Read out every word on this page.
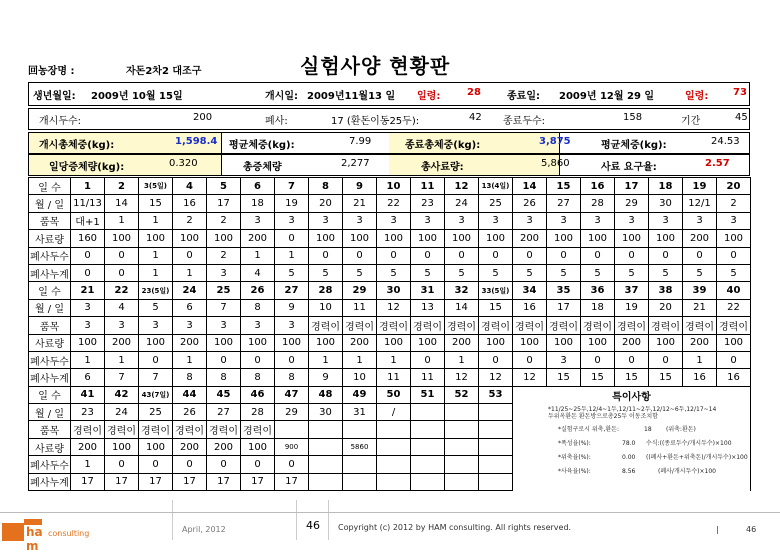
回농장명 :	자돈2차2 대조구	실험사양 현황판
생년월일: 2009년 10월 15일	개시일: 2009년11월13 일 일령:	28	종료일: 2009년 12월 29 일	일령: 73
개시두수:	200	폐사:	17 (환돈이동25두):	42 종료두수:	158	기간	45
개시총체중(kg):	1,598.4 평균체중(kg):	7.99	종료총체중(kg):	3,875	평균체중(kg):	24.53
일당증체량(kg):	0.320	총증체량	2,277	총사료량:	5,860	사료 요구율:	2.57
일 수	1	2	3(5일)	4	5	6	7	8	9	10	11	12	13(4일)	14	15	16	17	18	19	20
월 / 일	11/13	14	15	16	17	18	19	20	21	22	23	24	25	26	27	28	29	30	12/1	2
품목	대+1	1	1	2	2	3	3	3	3	3	3	3	3	3	3	3	3	3	3	3
사료량	160	100	100	100	100	200	0	100	100	100	100	100	100	200	100	100	100	100	200	100
폐사두수	0	0	1	0	2	1	1	0	0	0	0	0	0	0	0	0	0	0	0	0
폐사누계	0	0	1	1	3	4	5	5	5	5	5	5	5	5	5	5	5	5	5	5
일 수	21	22	23(5일)	24	25	26	27	28	29	30	31	32	33(5일)	34	35	36	37	38	39	40
월 / 일	3	4	5	6	7	8	9	10	11	12	13	14	15	16	17	18	19	20	21	22
품목	3	3	3	3	3	3	3	경력이	경력이	경력이	경력이	경력이	경력이	경력이	경력이	경력이	경력이	경력이	경력이	경력이
사료량	100	200	100	200	100	100	100	100	200	100	100	200	100	100	100	100	200	100	200	100
폐사두수	1	1	0	1	0	0	0	1	1	1	0	1	0	0	3	0	0	0	1	0
폐사누계	6	7	7	8	8	8	8	9	10	11	11	12	12	12	15	15	15	15	16	16
일 수	41	42	43(7일)	44	45	46	47	48	49	50	51	52	53	특이사항						
월 / 일	23	24	25	26	27	28	29	30	31	/										
품목	경력이	경력이	경력이	경력이	경력이	경력이														
사료량	200	100	100	200	200	100	900		5860											
폐사두수	1	0	0	0	0	0	0													
폐사누계	17	17	17	17	17	17	17													
*11/25~25두,12/4~1두,12/11~2두,12/12~6두,12/17~14
두위옥환돈 환돈방으로총25두 이동조치함
*실험구로시 위축,환돈:	18 (위축:환돈)
*폭성율(%):	78.0 수식:((종료두수/개시두수)×100
*위축율(%):	0.00 ((폐사+환돈+위축돈)/개시두수)×100
*사육율(%):	8.56	(폐사/개시두수)×100
ha m
consulting	April, 2012	46 Copyright (c) 2012 by HAM consulting. All rights reserved.	|	46
